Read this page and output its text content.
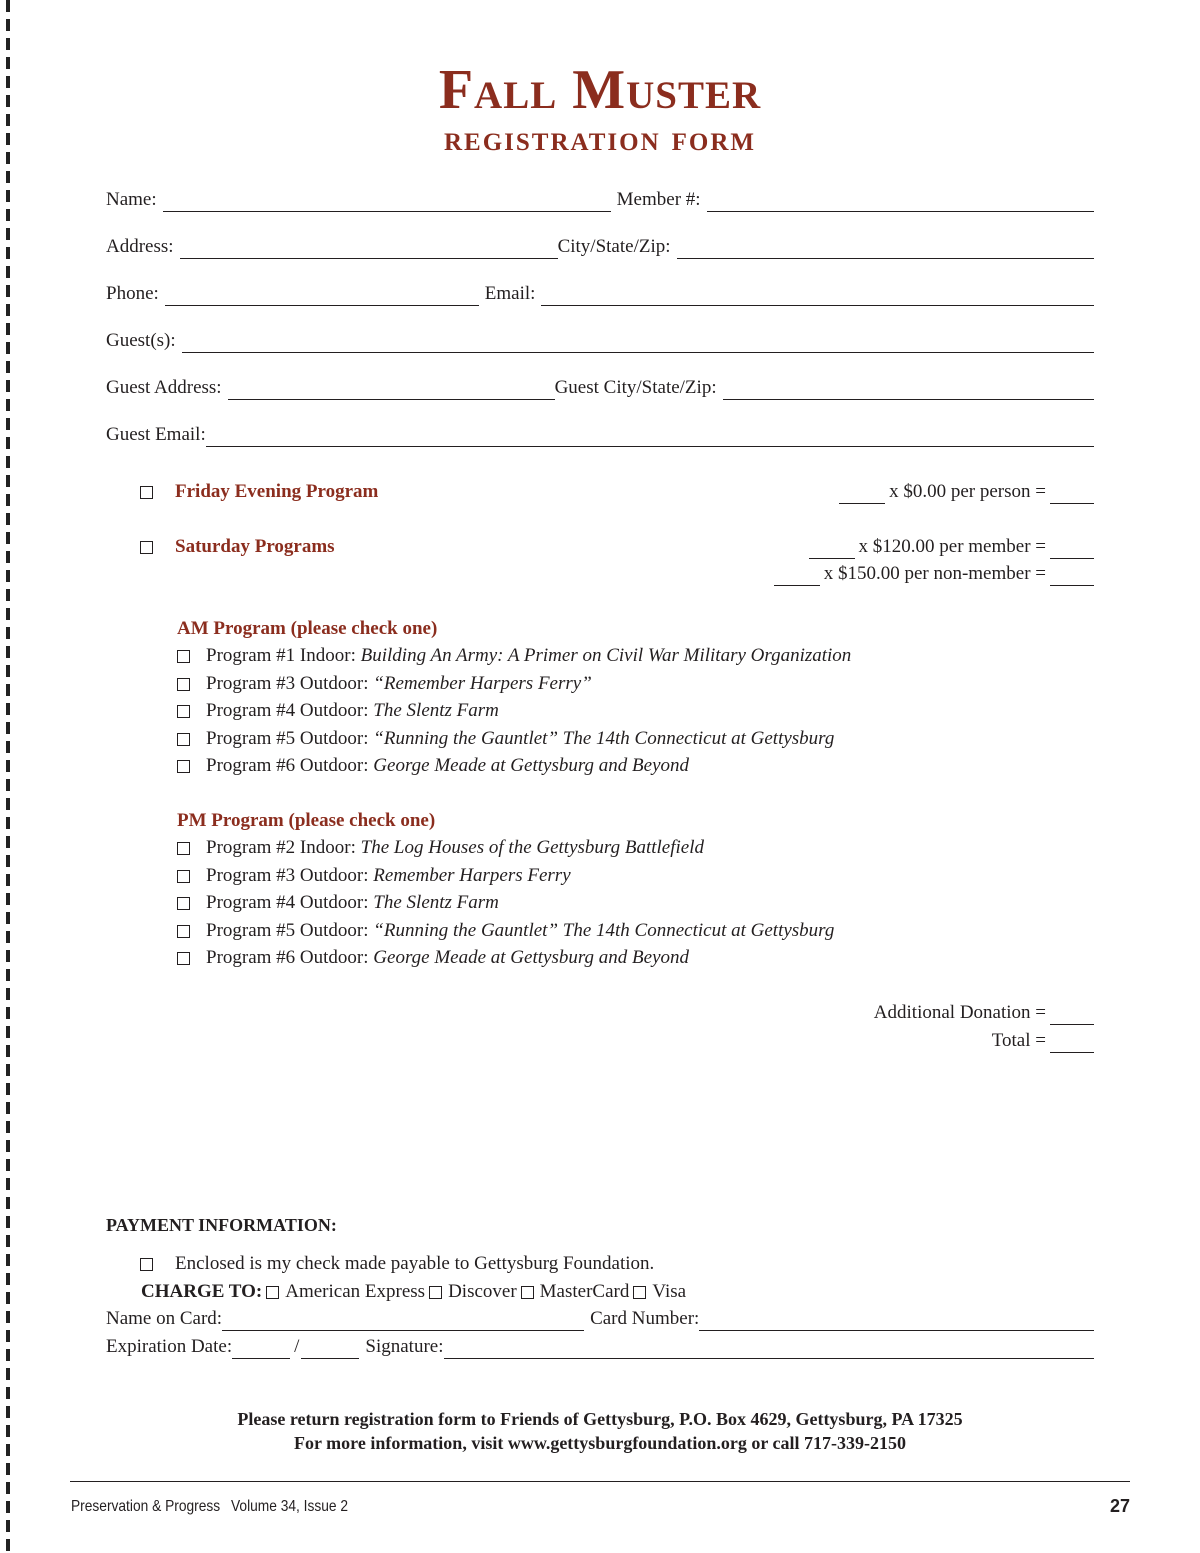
Fall Muster
registration form
Name:	Member #:
Address:	City/State/Zip:
Phone:	Email:
Guest(s):
Guest Address:	Guest City/State/Zip:
Guest Email:
Friday Evening Program	x $0.00 per person =
Saturday Programs	x $120.00 per member =
x $150.00 per non-member =
AM Program (please check one)
Program #1 Indoor:
Building An Army: A Primer on Civil War Military Organization
Program #3 Outdoor:
“Remember Harpers Ferry”
Program #4 Outdoor:
The Slentz Farm
Program #5 Outdoor:
“Running the Gauntlet” The 14th Connecticut at Gettysburg
Program #6 Outdoor:
George Meade at Gettysburg and Beyond
PM Program (please check one)
Program #2 Indoor:
The Log Houses of the Gettysburg Battlefield
Program #3 Outdoor:
Remember Harpers Ferry
Program #4 Outdoor:
The Slentz Farm
Program #5 Outdoor:
“Running the Gauntlet” The 14th Connecticut at Gettysburg
Program #6 Outdoor:
George Meade at Gettysburg and Beyond
Additional Donation =
Total =
PAYMENT INFORMATION:
Enclosed is my check made payable to Gettysburg Foundation.
CHARGE TO: American Express Discover MasterCard Visa
Name on Card:	Card Number:
Expiration Date:	/	Signature:
Please return registration form to Friends of Gettysburg, P.O. Box 4629, Gettysburg, PA 17325
For more information, visit www.gettysburgfoundation.org or call 717-339-2150
Preservation & Progress Volume 34, Issue 2	27
